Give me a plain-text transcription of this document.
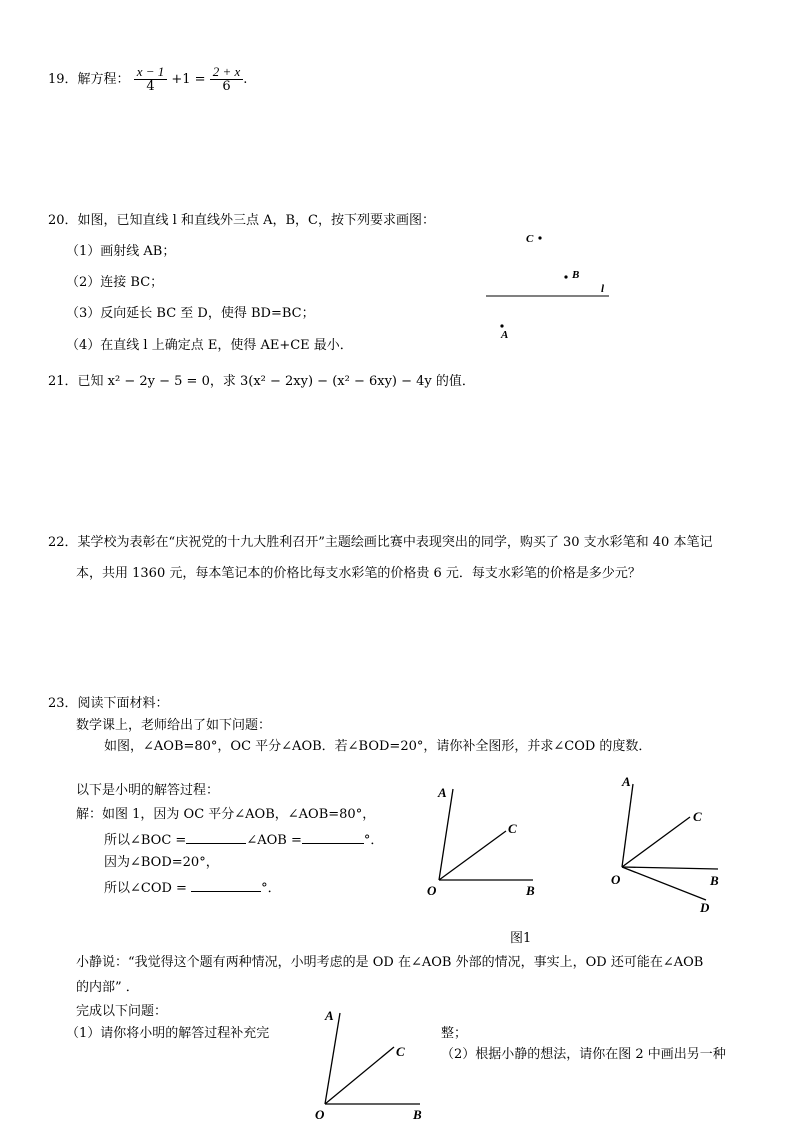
19．解方程： $\frac{x - 1}{4} +1 = \frac{2 + x}{6}$ .
20．如图，已知直线 l 和直线外三点 A，B，C，按下列要求画图：
（1）画射线 AB；
（2）连接 BC；
（3）反向延长 BC 至 D，使得 BD=BC；
（4）在直线 l 上确定点 E，使得 AE+CE 最小．
C
B
l
A
21．已知 x² − 2y − 5 = 0，求 3(x² − 2xy) − (x² − 6xy) − 4y 的值．
22．某学校为表彰在“庆祝党的十九大胜利召开”主题绘画比赛中表现突出的同学，购买了 30 支水彩笔和 40 本笔记
本，共用 1360 元，每本笔记本的价格比每支水彩笔的价格贵 6 元．每支水彩笔的价格是多少元？
23．阅读下面材料：
数学课上，老师给出了如下问题：
如图，∠AOB=80°，OC 平分∠AOB．若∠BOD=20°，请你补全图形，并求∠COD 的度数．
以下是小明的解答过程：
解：如图 1，因为 OC 平分∠AOB，∠AOB=80°，
所以∠BOC =	∠AOB =	°．
因为∠BOD=20°，
所以∠COD =	°．
A
C
O	B
A
C
O	B
D
图1
小静说：“我觉得这个题有两种情况，小明考虑的是 OD 在∠AOB 外部的情况，事实上，OD 还可能在∠AOB
的内部” ．
完成以下问题：
（1）请你将小明的解答过程补充完	整；
（2）根据小静的想法，请你在图 2 中画出另一种
A
C
O	B
